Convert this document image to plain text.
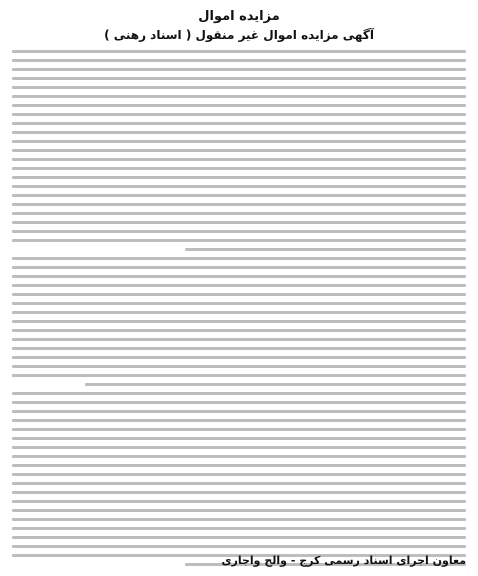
مزایده اموال
آگهی مزایده اموال غیر منقول ( اسناد رهنی )
معاون اجرای اسناد رسمی کرج - والح واجاری
